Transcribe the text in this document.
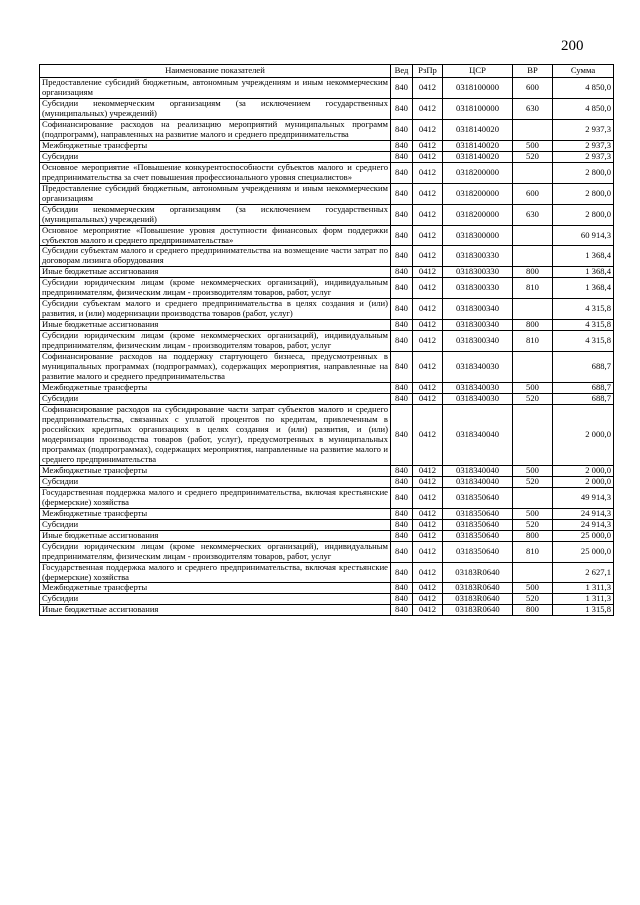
200
Наименование показателей	Вед	РзПр	ЦСР	ВР	Сумма
Предоставление субсидий бюджетным, автономным учреждениям и иным некоммерческим организациям	840	0412	0318100000	600	4 850,0
Субсидии некоммерческим организациям (за исключением государственных (муниципальных) учреждений)	840	0412	0318100000	630	4 850,0
Софинансирование расходов на реализацию мероприятий муниципальных программ (подпрограмм), направленных на развитие малого и среднего предпринимательства	840	0412	0318140020		2 937,3
Межбюджетные трансферты	840	0412	0318140020	500	2 937,3
Субсидии	840	0412	0318140020	520	2 937,3
Основное мероприятие «Повышение конкурентоспособности субъектов малого и среднего предпринимательства за счет повышения профессионального уровня специалистов»	840	0412	0318200000		2 800,0
Предоставление субсидий бюджетным, автономным учреждениям и иным некоммерческим организациям	840	0412	0318200000	600	2 800,0
Субсидии некоммерческим организациям (за исключением государственных (муниципальных) учреждений)	840	0412	0318200000	630	2 800,0
Основное мероприятие «Повышение уровня доступности финансовых форм поддержки субъектов малого и среднего предпринимательства»	840	0412	0318300000		60 914,3
Субсидии субъектам малого и среднего предпринимательства на возмещение части затрат по договорам лизинга оборудования	840	0412	0318300330		1 368,4
Иные бюджетные ассигнования	840	0412	0318300330	800	1 368,4
Субсидии юридическим лицам (кроме некоммерческих организаций), индивидуальным предпринимателям, физическим лицам - производителям товаров, работ, услуг	840	0412	0318300330	810	1 368,4
Субсидии субъектам малого и среднего предпринимательства в целях создания и (или) развития, и (или) модернизации производства товаров (работ, услуг)	840	0412	0318300340		4 315,8
Иные бюджетные ассигнования	840	0412	0318300340	800	4 315,8
Субсидии юридическим лицам (кроме некоммерческих организаций), индивидуальным предпринимателям, физическим лицам - производителям товаров, работ, услуг	840	0412	0318300340	810	4 315,8
Софинансирование расходов на поддержку стартующего бизнеса, предусмотренных в муниципальных программах (подпрограммах), содержащих мероприятия, направленные на развитие малого и среднего предпринимательства	840	0412	0318340030		688,7
Межбюджетные трансферты	840	0412	0318340030	500	688,7
Субсидии	840	0412	0318340030	520	688,7
Софинансирование расходов на субсидирование части затрат субъектов малого и среднего предпринимательства, связанных с уплатой процентов по кредитам, привлеченным в российских кредитных организациях в целях создания и (или) развития, и (или) модернизации производства товаров (работ, услуг), предусмотренных в муниципальных программах (подпрограммах), содержащих мероприятия, направленные на развитие малого и среднего предпринимательства	840	0412	0318340040		2 000,0
Межбюджетные трансферты	840	0412	0318340040	500	2 000,0
Субсидии	840	0412	0318340040	520	2 000,0
Государственная поддержка малого и среднего предпринимательства, включая крестьянские (фермерские) хозяйства	840	0412	0318350640		49 914,3
Межбюджетные трансферты	840	0412	0318350640	500	24 914,3
Субсидии	840	0412	0318350640	520	24 914,3
Иные бюджетные ассигнования	840	0412	0318350640	800	25 000,0
Субсидии юридическим лицам (кроме некоммерческих организаций), индивидуальным предпринимателям, физическим лицам - производителям товаров, работ, услуг	840	0412	0318350640	810	25 000,0
Государственная поддержка малого и среднего предпринимательства, включая крестьянские (фермерские) хозяйства	840	0412	03183R0640		2 627,1
Межбюджетные трансферты	840	0412	03183R0640	500	1 311,3
Субсидии	840	0412	03183R0640	520	1 311,3
Иные бюджетные ассигнования	840	0412	03183R0640	800	1 315,8
